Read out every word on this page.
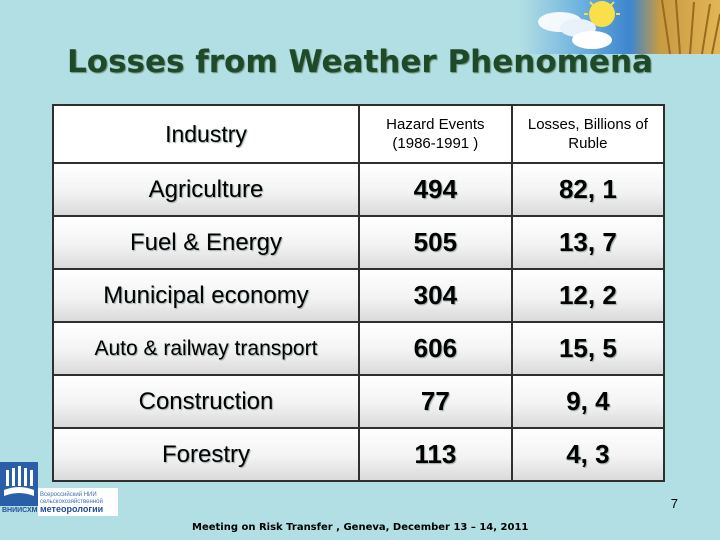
Losses from Weather Phenomena
Industry	Hazard Events (1986-1991 )	Losses, Billions of Ruble
Agriculture	494	82, 1
Fuel & Energy	505	13, 7
Municipal economy	304	12, 2
Auto & railway transport	606	15, 5
Construction	77	9, 4
Forestry	113	4, 3
Всероссийский НИИ
сельскохозяйственной
метеорологии
ВНИИСХМ	7
Meeting on Risk Transfer , Geneva, December 13 – 14, 2011
